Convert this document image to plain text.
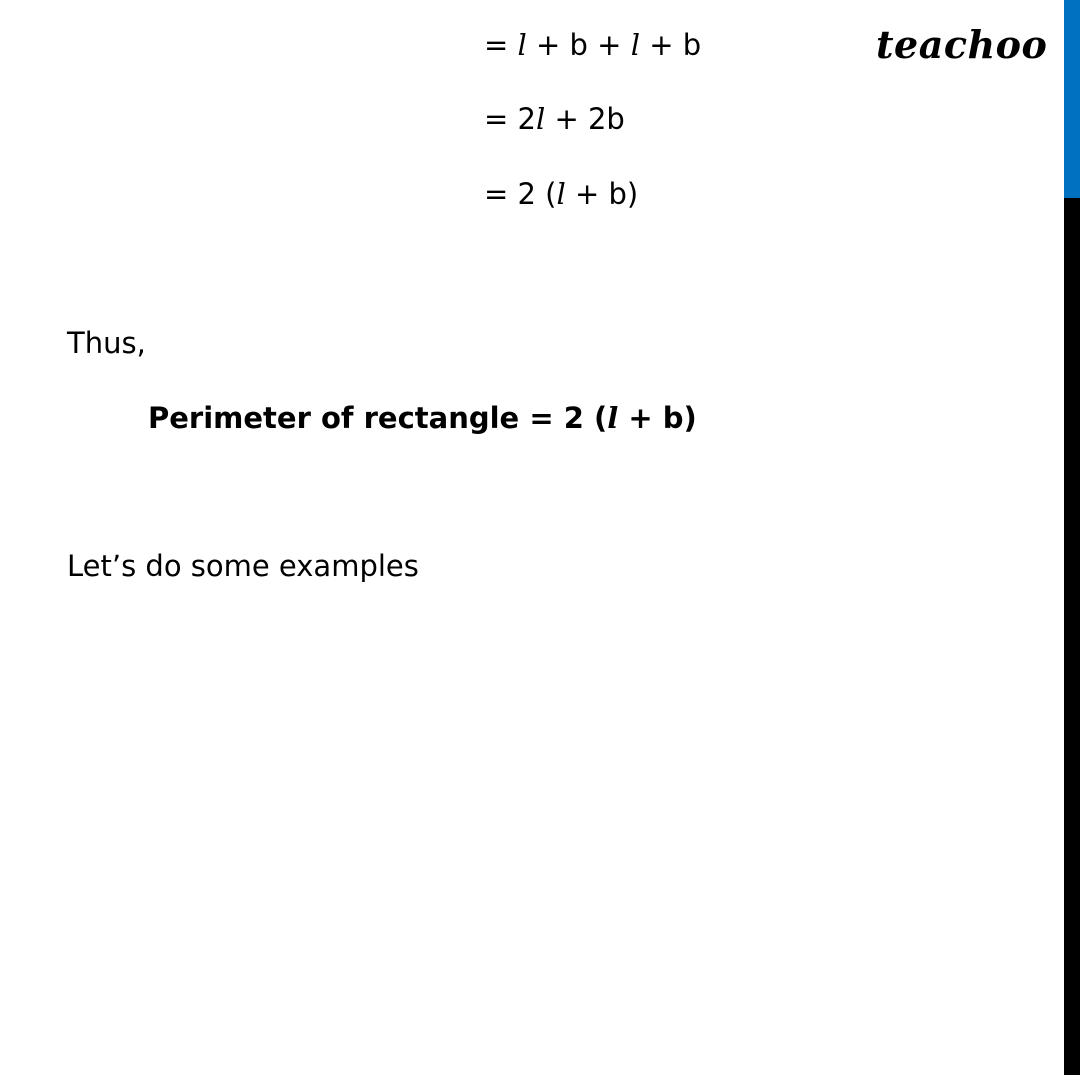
teachoo
= l + b + l + b
= 2l + 2b
= 2 (l + b)
Thus,
Perimeter of rectangle = 2 (l + b)
Let’s do some examples
